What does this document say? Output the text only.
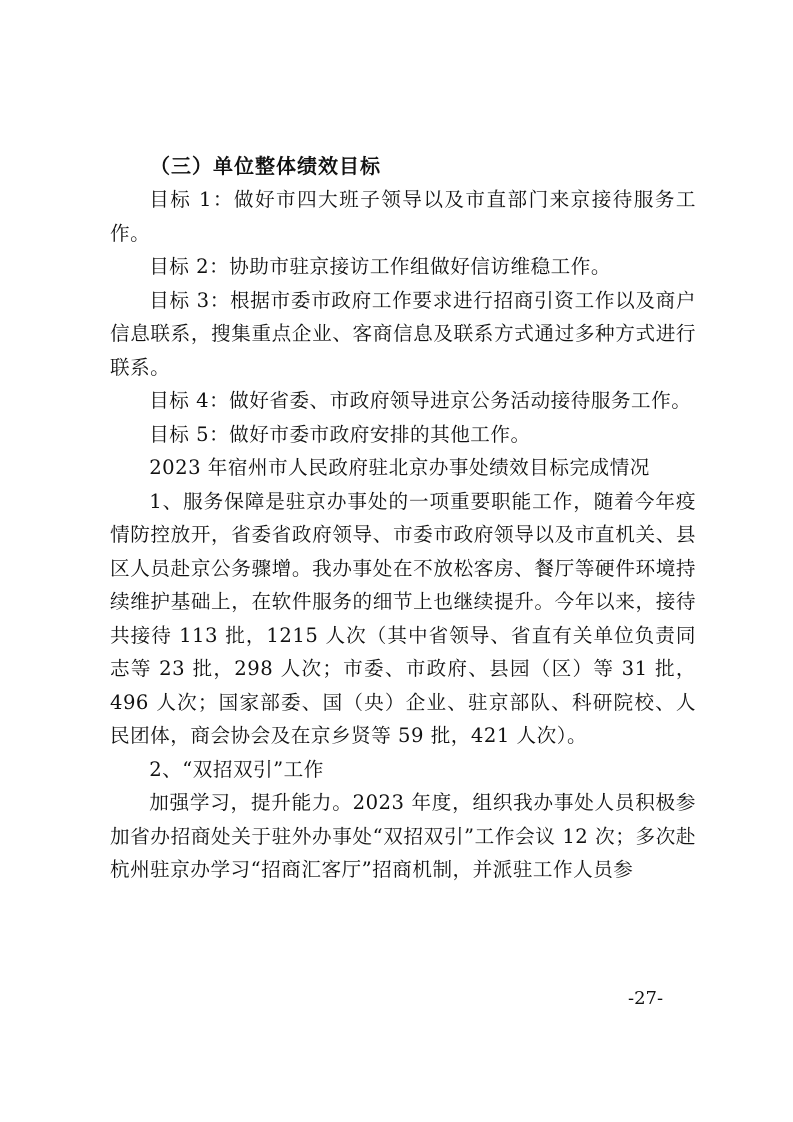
（三）单位整体绩效目标

目标 1：做好市四大班子领导以及市直部门来京接待服务工作。

目标 2：协助市驻京接访工作组做好信访维稳工作。

目标 3：根据市委市政府工作要求进行招商引资工作以及商户信息联系，搜集重点企业、客商信息及联系方式通过多种方式进行联系。

目标 4：做好省委、市政府领导进京公务活动接待服务工作。

目标 5：做好市委市政府安排的其他工作。

2023 年宿州市人民政府驻北京办事处绩效目标完成情况

1、服务保障是驻京办事处的一项重要职能工作，随着今年疫情防控放开，省委省政府领导、市委市政府领导以及市直机关、县区人员赴京公务骤增。我办事处在不放松客房、餐厅等硬件环境持续维护基础上，在软件服务的细节上也继续提升。今年以来，接待共接待 113 批，1215 人次（其中省领导、省直有关单位负责同志等 23 批，298 人次；市委、市政府、县园（区）等 31 批，496 人次；国家部委、国（央）企业、驻京部队、科研院校、人民团体，商会协会及在京乡贤等 59 批，421 人次）。

2、“双招双引”工作

加强学习，提升能力。2023 年度，组织我办事处人员积极参加省办招商处关于驻外办事处“双招双引”工作会议 12 次；多次赴杭州驻京办学习“招商汇客厅”招商机制，并派驻工作人员参

-27-
